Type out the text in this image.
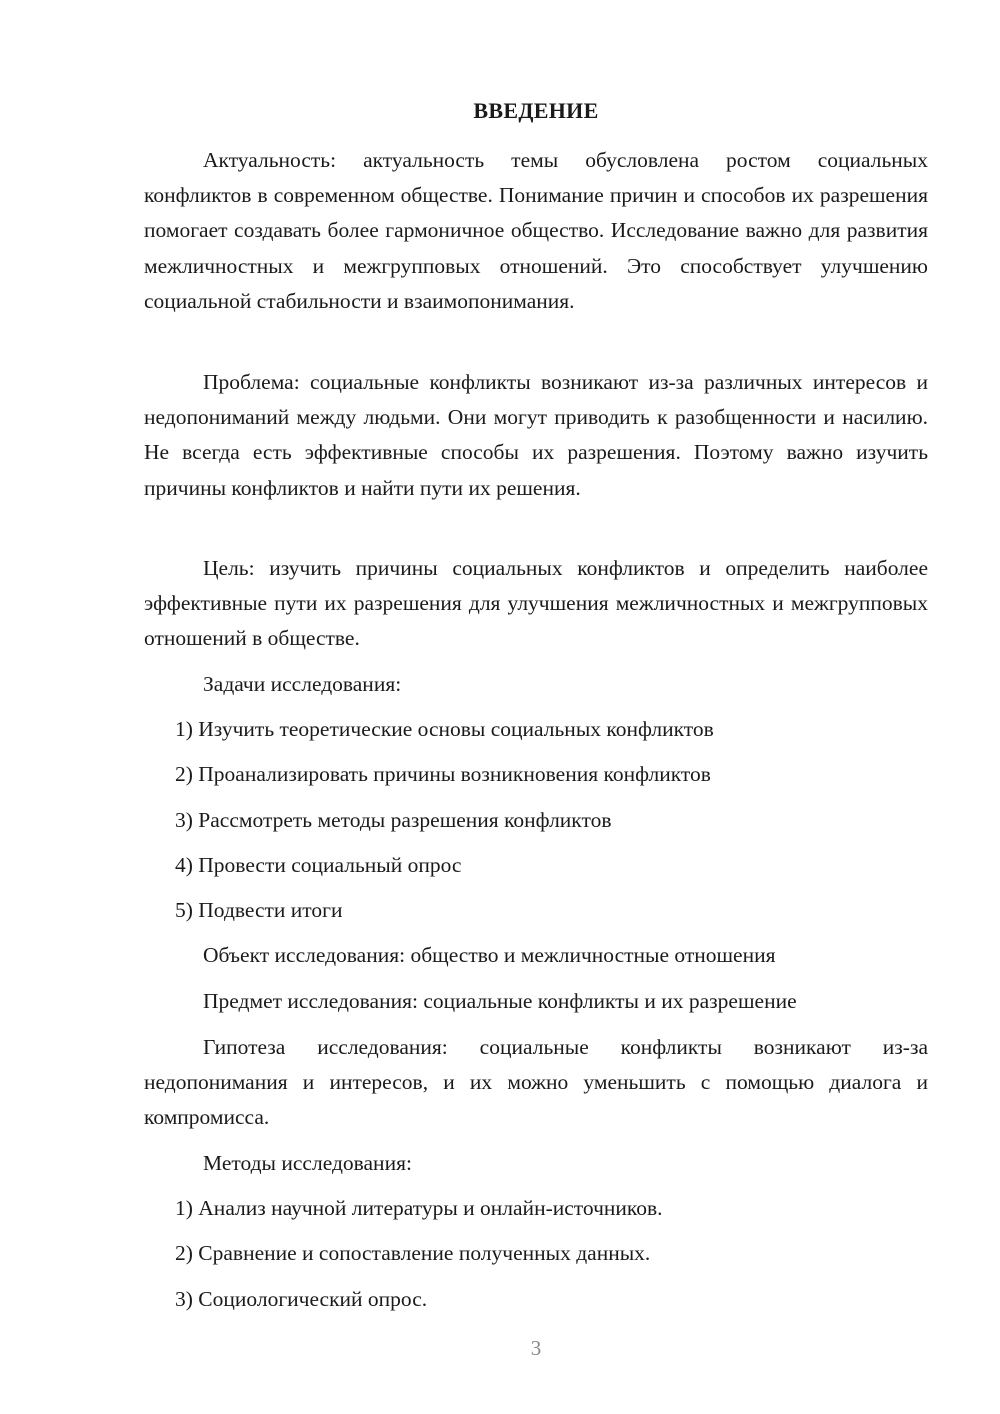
ВВЕДЕНИЕ

Актуальность: актуальность темы обусловлена ростом социальных конфликтов в современном обществе. Понимание причин и способов их разрешения помогает создавать более гармоничное общество. Исследование важно для развития межличностных и межгрупповых отношений. Это способствует улучшению социальной стабильности и взаимопонимания.

Проблема: социальные конфликты возникают из-за различных интересов и недопониманий между людьми. Они могут приводить к разобщенности и насилию. Не всегда есть эффективные способы их разрешения. Поэтому важно изучить причины конфликтов и найти пути их решения.

Цель: изучить причины социальных конфликтов и определить наиболее эффективные пути их разрешения для улучшения межличностных и межгрупповых отношений в обществе.

Задачи исследования:

1) Изучить теоретические основы социальных конфликтов

2) Проанализировать причины возникновения конфликтов

3) Рассмотреть методы разрешения конфликтов

4) Провести социальный опрос

5) Подвести итоги

Объект исследования: общество и межличностные отношения

Предмет исследования: социальные конфликты и их разрешение

Гипотеза исследования: социальные конфликты возникают из-за недопонимания и интересов, и их можно уменьшить с помощью диалога и компромисса.

Методы исследования:

1) Анализ научной литературы и онлайн-источников.

2) Сравнение и сопоставление полученных данных.

3) Социологический опрос.

3
